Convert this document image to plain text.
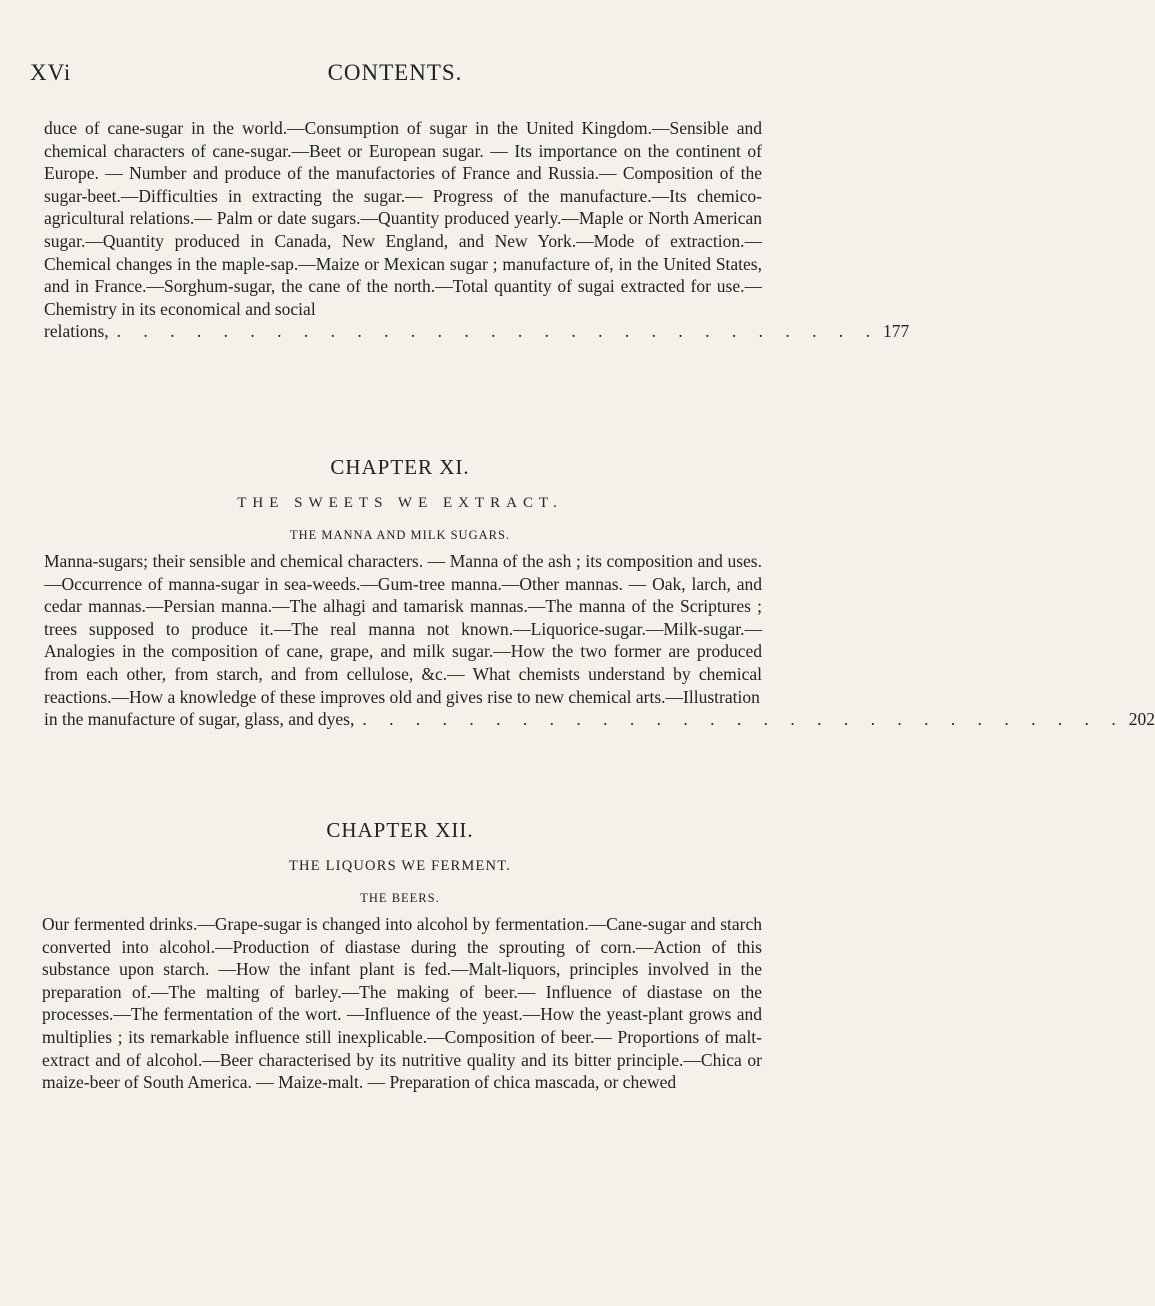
XVi	CONTENTS.
duce of cane-sugar in the world.—Consumption of sugar in the United Kingdom.—Sensible and chemical characters of cane-sugar.—Beet or European sugar. — Its importance on the continent of Europe. — Number and produce of the manufactories of France and Russia.— Composition of the sugar-beet.—Difficulties in extracting the sugar.— Progress of the manufacture.—Its chemico-agricultural relations.— Palm or date sugars.—Quantity produced yearly.—Maple or North American sugar.—Quantity produced in Canada, New England, and New York.—Mode of extraction.—Chemical changes in the maple-sap.—Maize or Mexican sugar ; manufacture of, in the United States, and in France.—Sorghum-sugar, the cane of the north.—Total quantity of sugai extracted for use.—Chemistry in its economical and social
relations, . . . . . . . . . . . . . . . . . . . . . . . . . . . . . 177
CHAPTER XI.
THE SWEETS WE EXTRACT.
THE MANNA AND MILK SUGARS.
Manna-sugars; their sensible and chemical characters. — Manna of the ash ; its composition and uses.—Occurrence of manna-sugar in sea-weeds.—Gum-tree manna.—Other mannas. — Oak, larch, and cedar mannas.—Persian manna.—The alhagi and tamarisk mannas.—The manna of the Scriptures ; trees supposed to produce it.—The real manna not known.—Liquorice-sugar.—Milk-sugar.—Analogies in the composition of cane, grape, and milk sugar.—How the two former are produced from each other, from starch, and from cellulose, &c.— What chemists understand by chemical reactions.—How a knowledge of these improves old and gives rise to new chemical arts.—Illustration
in the manufacture of sugar, glass, and dyes, . . . . . . . . . . . . . . . . . . . . . . . . . . . . . 202
CHAPTER XII.
THE LIQUORS WE FERMENT.
THE BEERS.
Our fermented drinks.—Grape-sugar is changed into alcohol by fermentation.—Cane-sugar and starch converted into alcohol.—Production of diastase during the sprouting of corn.—Action of this substance upon starch. —How the infant plant is fed.—Malt-liquors, principles involved in the preparation of.—The malting of barley.—The making of beer.— Influence of diastase on the processes.—The fermentation of the wort. —Influence of the yeast.—How the yeast-plant grows and multiplies ; its remarkable influence still inexplicable.—Composition of beer.— Proportions of malt-extract and of alcohol.—Beer characterised by its nutritive quality and its bitter principle.—Chica or maize-beer of South America. — Maize-malt. — Preparation of chica mascada, or chewed
